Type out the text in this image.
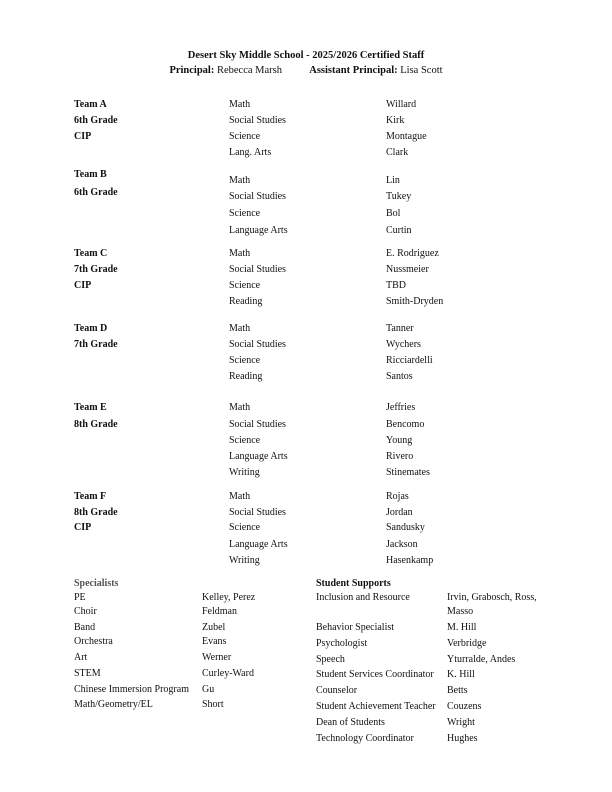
Desert Sky Middle School - 2025/2026 Certified Staff
Principal: Rebecca Marsh	Assistant Principal: Lisa Scott
Team A
6th Grade
CIP
Math	Willard
Social Studies	Kirk
Science	Montague
Lang. Arts	Clark
Team B
6th Grade
Math	Lin
Social Studies	Tukey
Science	Bol
Language Arts	Curtin
Team C
7th Grade
CIP
Math	E. Rodriguez
Social Studies	Nussmeier
Science	TBD
Reading	Smith-Dryden
Team D
7th Grade
Math	Tanner
Social Studies	Wychers
Science	Ricciardelli
Reading	Santos
Team E
8th Grade
Math	Jeffries
Social Studies	Bencomo
Science	Young
Language Arts	Rivero
Writing	Stinemates
Team F
8th Grade
CIP
Math	Rojas
Social Studies	Jordan
Science	Sandusky
Language Arts	Jackson
Writing	Hasenkamp
Specialists
PE	Kelley, Perez
Choir	Feldman
Band	Zubel
Orchestra	Evans
Art	Werner
STEM	Curley-Ward
Chinese Immersion Program Gu
Math/Geometry/EL	Short
Student Supports
Inclusion and Resource	Irvin, Grabosch, Ross,
Masso
Behavior Specialist	M. Hill
Psychologist	Verbridge
Speech	Yturralde, Andes
Student Services Coordinator K. Hill
Counselor	Betts
Student Achievement Teacher Couzens
Dean of Students	Wright
Technology Coordinator	Hughes
